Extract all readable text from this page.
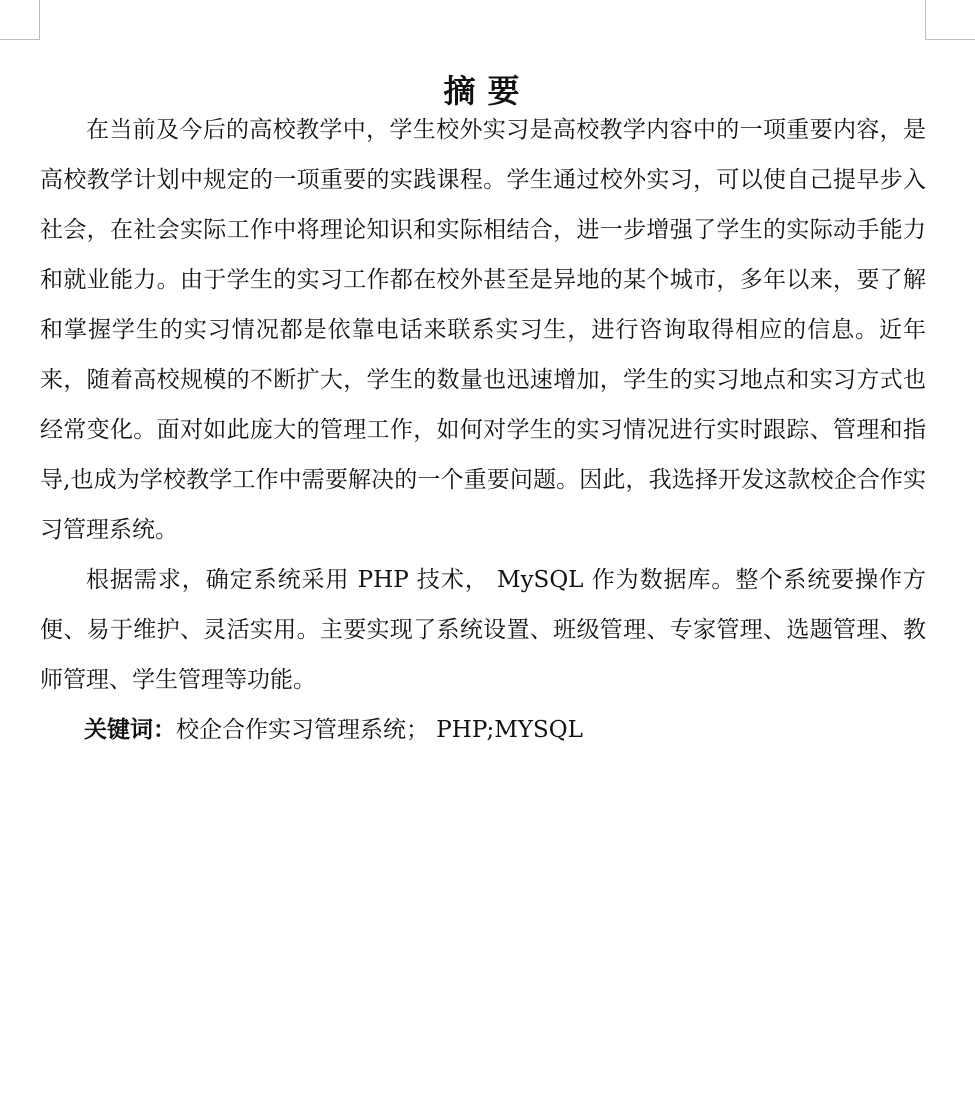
摘要

在当前及今后的高校教学中，学生校外实习是高校教学内容中的一项重要内容，是高校教学计划中规定的一项重要的实践课程。学生通过校外实习，可以使自己提早步入社会，在社会实际工作中将理论知识和实际相结合，进一步增强了学生的实际动手能力和就业能力。由于学生的实习工作都在校外甚至是异地的某个城市，多年以来，要了解和掌握学生的实习情况都是依靠电话来联系实习生，进行咨询取得相应的信息。近年来，随着高校规模的不断扩大，学生的数量也迅速增加，学生的实习地点和实习方式也经常变化。面对如此庞大的管理工作，如何对学生的实习情况进行实时跟踪、管理和指导,也成为学校教学工作中需要解决的一个重要问题。因此，我选择开发这款校企合作实习管理系统。

根据需求，确定系统采用 PHP 技术， MySQL 作为数据库。整个系统要操作方便、易于维护、灵活实用。主要实现了系统设置、班级管理、专家管理、选题管理、教师管理、学生管理等功能。

关键词：校企合作实习管理系统； PHP;MYSQL
